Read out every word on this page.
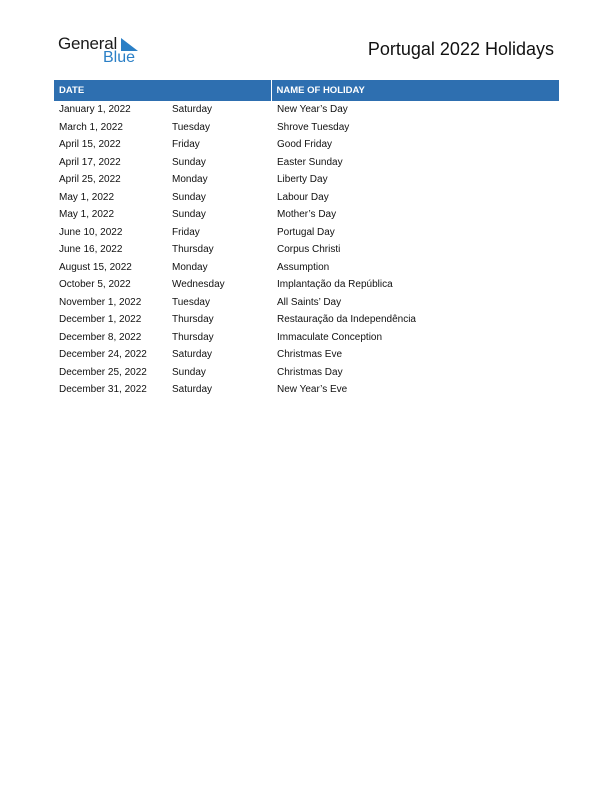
General
Blue	Portugal 2022 Holidays
DATE		NAME OF HOLIDAY
January 1, 2022	Saturday	New Year’s Day
March 1, 2022	Tuesday	Shrove Tuesday
April 15, 2022	Friday	Good Friday
April 17, 2022	Sunday	Easter Sunday
April 25, 2022	Monday	Liberty Day
May 1, 2022	Sunday	Labour Day
May 1, 2022	Sunday	Mother’s Day
June 10, 2022	Friday	Portugal Day
June 16, 2022	Thursday	Corpus Christi
August 15, 2022	Monday	Assumption
October 5, 2022	Wednesday	Implantação da República
November 1, 2022	Tuesday	All Saints’ Day
December 1, 2022	Thursday	Restauração da Independência
December 8, 2022	Thursday	Immaculate Conception
December 24, 2022	Saturday	Christmas Eve
December 25, 2022	Sunday	Christmas Day
December 31, 2022	Saturday	New Year’s Eve
